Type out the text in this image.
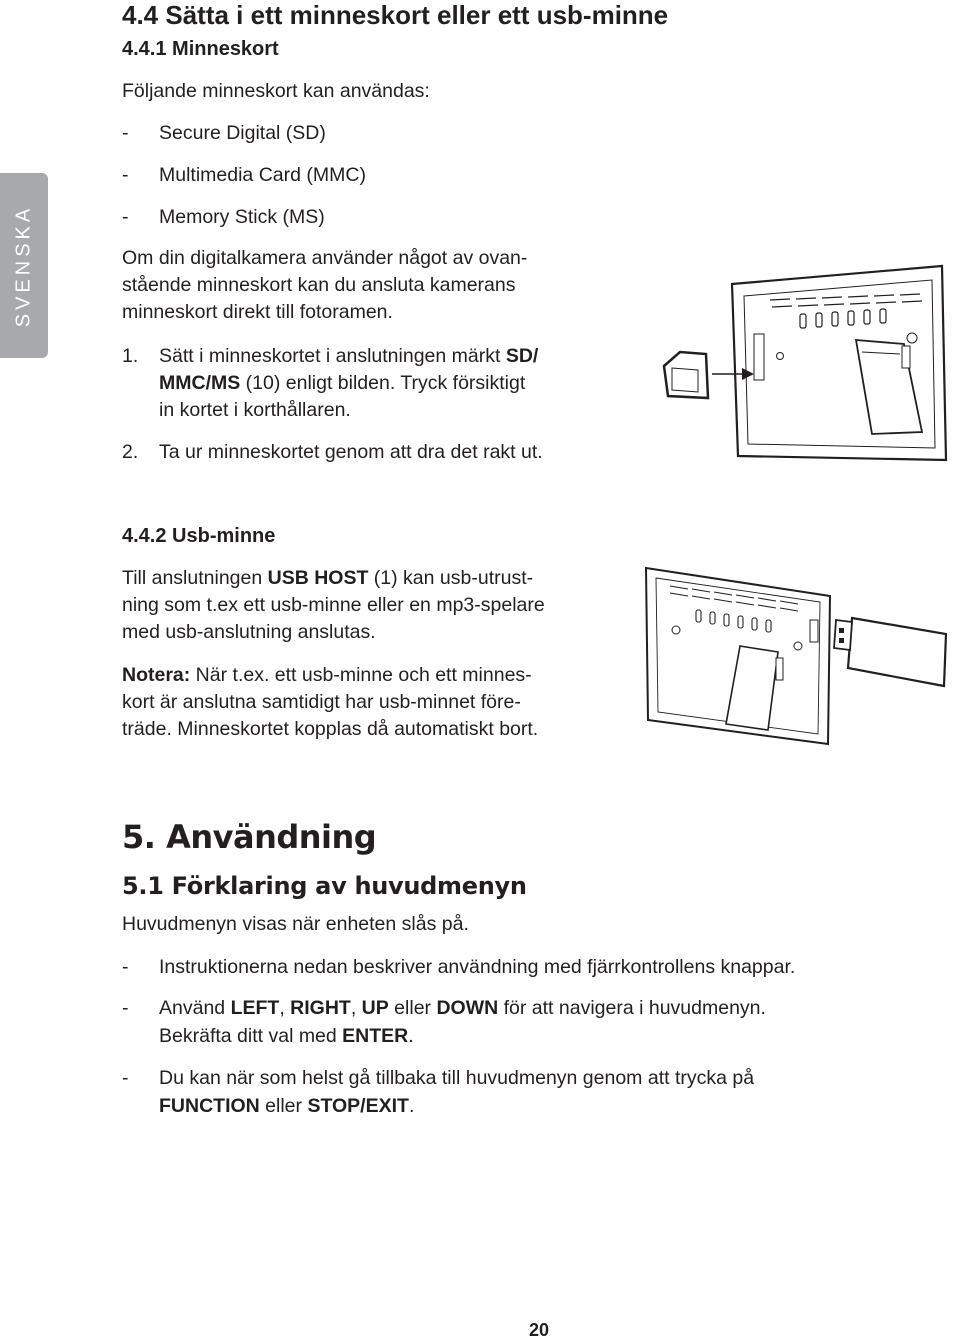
SVENSKA
4.4 Sätta i ett minneskort eller ett usb-minne
4.4.1 Minneskort
Följande minneskort kan användas:
- Secure Digital (SD)
- Multimedia Card (MMC)
- Memory Stick (MS)
Om din digitalkamera använder något av ovan-
stående minneskort kan du ansluta kamerans
minneskort direkt till fotoramen.
1. Sätt i minneskortet i anslutningen märkt SD/
MMC/MS (10) enligt bilden. Tryck försiktigt
in kortet i korthållaren.
2. Ta ur minneskortet genom att dra det rakt ut.
4.4.2 Usb-minne
Till anslutningen USB HOST (1) kan usb-utrust-
ning som t.ex ett usb-minne eller en mp3-spelare
med usb-anslutning anslutas.
Notera: När t.ex. ett usb-minne och ett minnes-
kort är anslutna samtidigt har usb-minnet före-
träde. Minneskortet kopplas då automatiskt bort.
5. Användning
5.1 Förklaring av huvudmenyn
Huvudmenyn visas när enheten slås på.
- Instruktionerna nedan beskriver användning med fjärrkontrollens knappar.
- Använd LEFT, RIGHT, UP eller DOWN för att navigera i huvudmenyn.
Bekräfta ditt val med ENTER.
- Du kan när som helst gå tillbaka till huvudmenyn genom att trycka på
FUNCTION eller STOP/EXIT.
20
